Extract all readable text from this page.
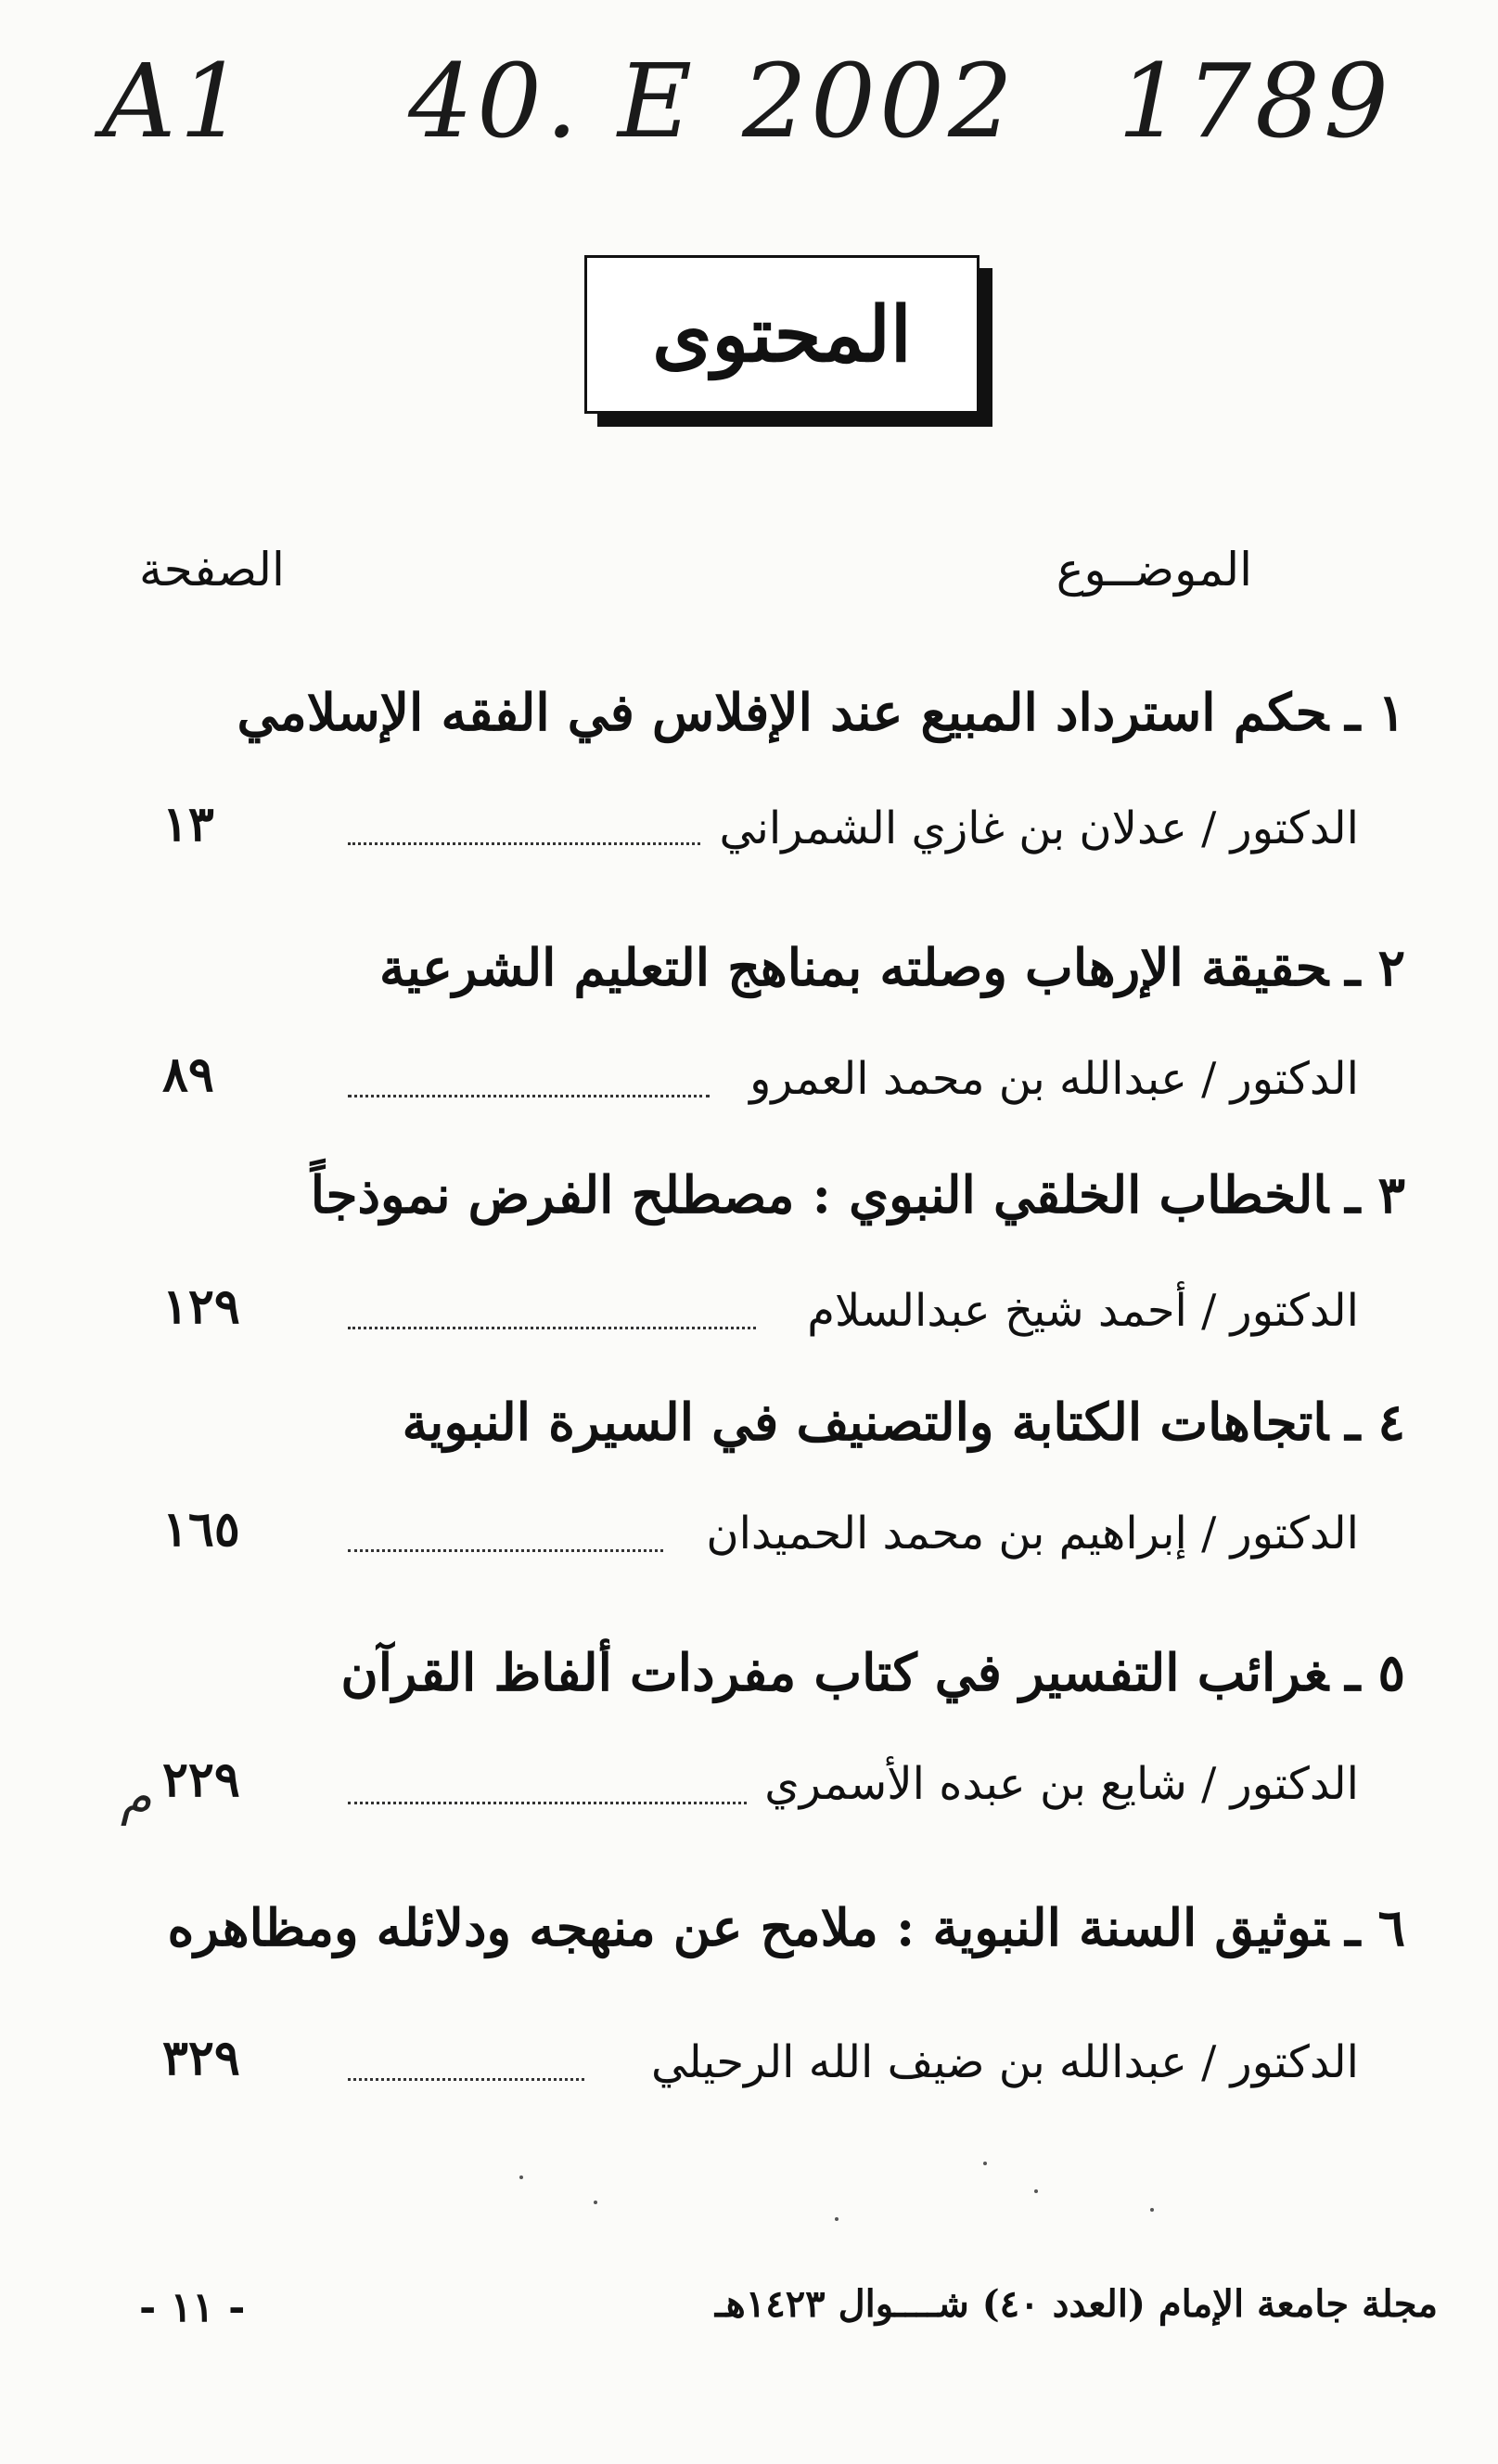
A1 40. E 2002 1789
المحتوى
الموضــوع
الصفحة
١ ـحكم استرداد المبيع عند الإفلاس في الفقه الإسلامي
الدكتور / عدلان بن غازي الشمراني
١٣
٢ ـحقيقة الإرهاب وصلته بمناهج التعليم الشرعية
الدكتور / عبدالله بن محمد العمرو
٨٩
٣ ـالخطاب الخلقي النبوي : مصطلح الفرض نموذجاً
الدكتور / أحمد شيخ عبدالسلام
١٢٩
٤ ـاتجاهات الكتابة والتصنيف في السيرة النبوية
الدكتور / إبراهيم بن محمد الحميدان
١٦٥
٥ ـغرائب التفسير في كتاب مفردات ألفاظ القرآن
الدكتور / شايع بن عبده الأسمري
٢٢٩
م
٦ ـتوثيق السنة النبوية : ملامح عن منهجه ودلائله ومظاهره
الدكتور / عبدالله بن ضيف الله الرحيلي
٣٢٩
مجلة جامعة الإمام (العدد ٤٠) شــــوال ١٤٢٣هـ
- ١١ -
